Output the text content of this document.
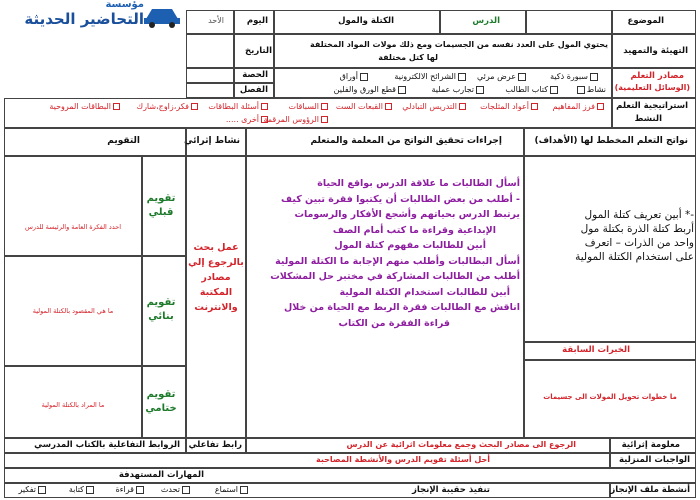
الموضوع
الدرس
الكتلة والمول
اليوم
الأحد
مؤسسة
التحاضير الحديثة
التهيئة والتمهيد
يحتوي المول على العدد نفسه من الجسيمات ومع ذلك مولات المواد المختلفة
لها كتل مختلفة
التاريخ
مصادر التعلم
(الوسائل التعليمية)
سبورة ذكية
عرض مرئي
الشرائح الالكترونية
أوراق
نشاط
كتاب الطالب
تجارب عملية
قطع الورق والفلين
الحصة
الفصل
استراتيجية التعلم
النشط
فرز المفاهيم
أعواد المثلجات
التدريس التبادلي
القبعات الست
السباقات
أسئلة البطاقات
فكر،زاوج،شارك
البطاقات المروحية
الرؤوس المرقمة
أخرى .....
نواتج التعلم المخطط لها (الأهداف)
إجراءات تحقيق النواتج من المعلمة والمتعلم
نشاط إثرائي
التقويم
-* أبين تعريف كتلة المول
أربط كتلة الذرة بكتلة مول
واحد من الذرات – اتعرف
على استخدام الكتلة المولية
الخبرات السابقة
ما خطوات تحويل المولات الى جسيمات
أسأل الطالبات ما علاقة الدرس بواقع الحياة
- أطلب من بعض الطالبات أن يكتبوا فقرة تبين كيف
يرتبط الدرس بحياتهم وأشجع الأفكار والرسومات
الإبداعية وقراءة ما كتب أمام الصف
أبين للطالبات مفهوم كتلة المول
أسأل البطالبات وأطلب منهم الإجابة ما الكتلة المولية
أطلب من الطالبات المشاركة في مختبر حل المشكلات
أبين للطالبات استخدام الكتلة المولية
اناقش مع الطالبات فقرة الربط مع الحياة من خلال
قراءة الفقرة من الكتاب
عمل بحث
بالرجوع إلي
مصادر
المكتبة
والانترنت
تقويم قبلي
احدد الفكرة العامة والرئيسة للدرس
تقويم بنائي
ما هي المقصود بالكتلة المولية
تقويم ختامي
ما المراد بالكتلة المولية
معلومة إثرائية
الرجوع الى مصادر البحث وجمع معلومات اثرائية عن الدرس
رابط تفاعلي
الروابط التفاعلية بالكتاب المدرسي
الواجبات المنزلية
أحل أسئلة تقويم الدرس والأنشطة المصاحبة
المهارات المستهدفة
أنشطة ملف الإنجاز
تنفيذ حقيبة الإنجاز
استماع
تحدث
قراءة
كتابة
تفكير
